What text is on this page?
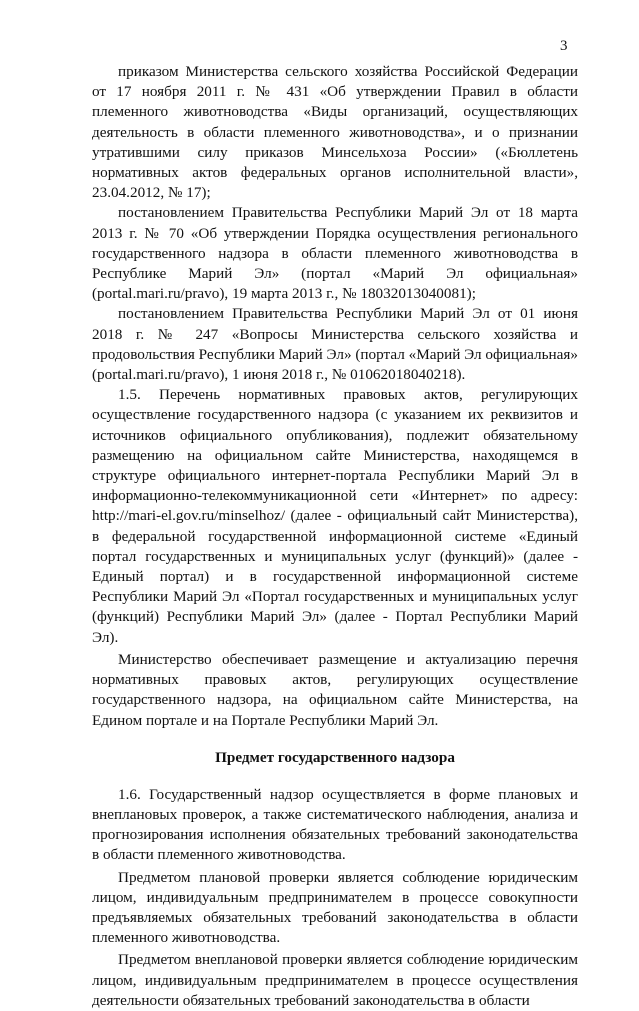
3

приказом Министерства сельского хозяйства Российской Федерации от 17 ноября 2011 г. № 431 «Об утверждении Правил в области племенного животноводства «Виды организаций, осуществляющих деятельность в области племенного животноводства», и о признании утратившими силу приказов Минсельхоза России» («Бюллетень нормативных актов федеральных органов исполнительной власти», 23.04.2012, № 17);

постановлением Правительства Республики Марий Эл от 18 марта 2013 г. № 70 «Об утверждении Порядка осуществления регионального государственного надзора в области племенного животноводства в Республике Марий Эл» (портал «Марий Эл официальная» (portal.mari.ru/pravo), 19 марта 2013 г., № 18032013040081);

постановлением Правительства Республики Марий Эл от 01 июня 2018 г. № 247 «Вопросы Министерства сельского хозяйства и продовольствия Республики Марий Эл» (портал «Марий Эл официальная» (portal.mari.ru/pravo), 1 июня 2018 г., № 01062018040218).

1.5. Перечень нормативных правовых актов, регулирующих осуществление государственного надзора (с указанием их реквизитов и источников официального опубликования), подлежит обязательному размещению на официальном сайте Министерства, находящемся в структуре официального интернет-портала Республики Марий Эл в информационно-телекоммуникационной сети «Интернет» по адресу: http://mari-el.gov.ru/minselhoz/ (далее - официальный сайт Министерства), в федеральной государственной информационной системе «Единый портал государственных и муниципальных услуг (функций)» (далее - Единый портал) и в государственной информационной системе Республики Марий Эл «Портал государственных и муниципальных услуг (функций) Республики Марий Эл» (далее - Портал Республики Марий Эл).

Министерство обеспечивает размещение и актуализацию перечня нормативных правовых актов, регулирующих осуществление государственного надзора, на официальном сайте Министерства, на Едином портале и на Портале Республики Марий Эл.

Предмет государственного надзора

1.6. Государственный надзор осуществляется в форме плановых и внеплановых проверок, а также систематического наблюдения, анализа и прогнозирования исполнения обязательных требований законодательства в области племенного животноводства.

Предметом плановой проверки является соблюдение юридическим лицом, индивидуальным предпринимателем в процессе совокупности предъявляемых обязательных требований законодательства в области племенного животноводства.

Предметом внеплановой проверки является соблюдение юридическим лицом, индивидуальным предпринимателем в процессе осуществления деятельности обязательных требований законодательства в области
